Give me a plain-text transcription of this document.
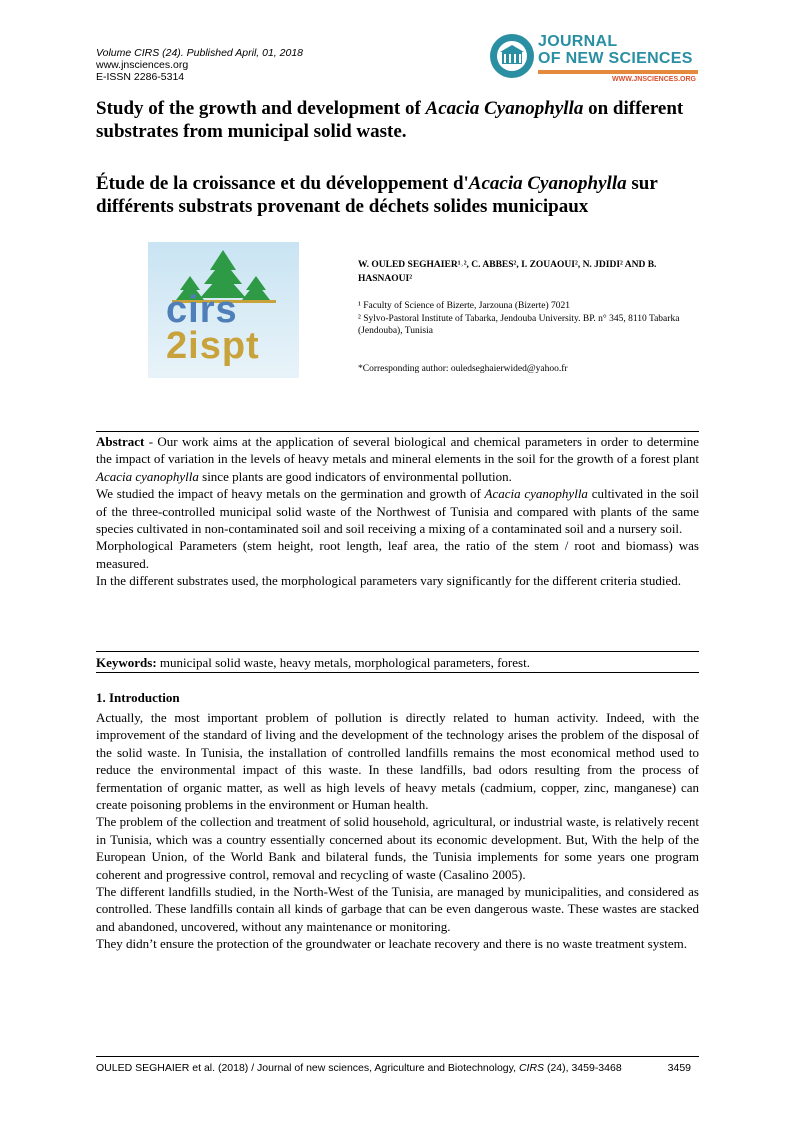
Volume CIRS (24). Published April, 01, 2018
www.jnsciences.org
E-ISSN 2286-5314
JOURNAL
OF NEW SCIENCES
WWW.JNSCIENCES.ORG
Study of the growth and development of Acacia Cyanophylla on different substrates from municipal solid waste.
Étude de la croissance et du développement d'Acacia Cyanophylla sur différents substrats provenant de déchets solides municipaux
cirs
2ispt
W. OULED SEGHAIER¹˒², C. ABBES², I. ZOUAOUI², N. JDIDI² AND B. HASNAOUI²
¹ Faculty of Science of Bizerte, Jarzouna (Bizerte) 7021
² Sylvo-Pastoral Institute of Tabarka, Jendouba University. BP. n° 345, 8110 Tabarka (Jendouba), Tunisia
*Corresponding author: ouledseghaierwided@yahoo.fr

Abstract - Our work aims at the application of several biological and chemical parameters in order to determine the impact of variation in the levels of heavy metals and mineral elements in the soil for the growth of a forest plant Acacia cyanophylla since plants are good indicators of environmental pollution.

We studied the impact of heavy metals on the germination and growth of Acacia cyanophylla cultivated in the soil of the three-controlled municipal solid waste of the Northwest of Tunisia and compared with plants of the same species cultivated in non-contaminated soil and soil receiving a mixing of a contaminated soil and a nursery soil.

Morphological Parameters (stem height, root length, leaf area, the ratio of the stem / root and biomass) was measured.

In the different substrates used, the morphological parameters vary significantly for the different criteria studied.

Keywords: municipal solid waste, heavy metals, morphological parameters, forest.
1. Introduction

Actually, the most important problem of pollution is directly related to human activity. Indeed, with the improvement of the standard of living and the development of the technology arises the problem of the disposal of the solid waste. In Tunisia, the installation of controlled landfills remains the most economical method used to reduce the environmental impact of this waste. In these landfills, bad odors resulting from the process of fermentation of organic matter, as well as high levels of heavy metals (cadmium, copper, zinc, manganese) can create poisoning problems in the environment or Human health.

The problem of the collection and treatment of solid household, agricultural, or industrial waste, is relatively recent in Tunisia, which was a country essentially concerned about its economic development. But, With the help of the European Union, of the World Bank and bilateral funds, the Tunisia implements for some years one program coherent and progressive control, removal and recycling of waste (Casalino 2005).

The different landfills studied, in the North-West of the Tunisia, are managed by municipalities, and considered as controlled. These landfills contain all kinds of garbage that can be even dangerous waste. These wastes are stacked and abandoned, uncovered, without any maintenance or monitoring.

They didn’t ensure the protection of the groundwater or leachate recovery and there is no waste treatment system.

OULED SEGHAIER et al. (2018) / Journal of new sciences, Agriculture and Biotechnology, CIRS (24), 3459-3468	3459
